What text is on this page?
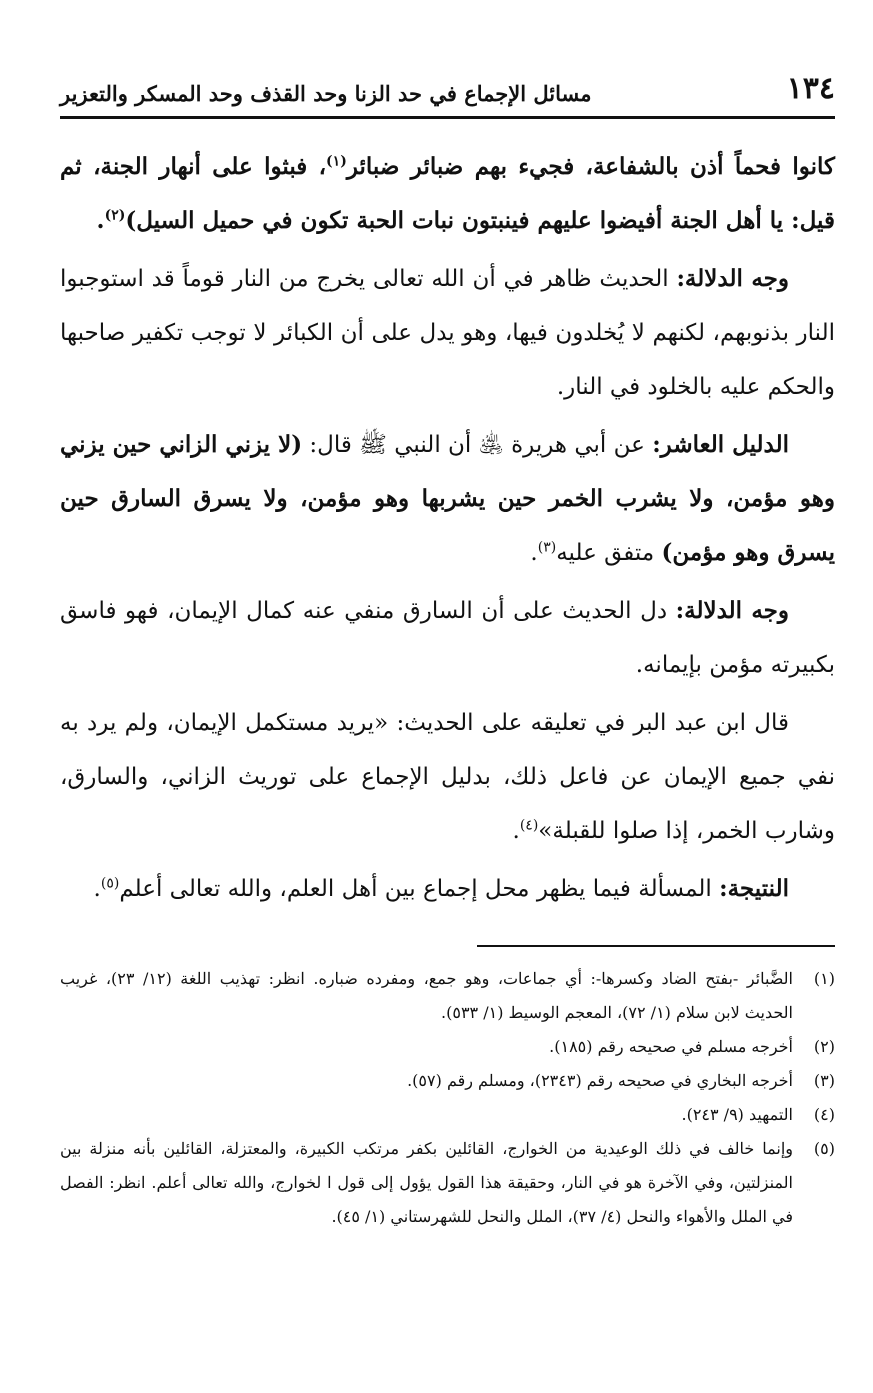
١٣٤
مسائل الإجماع في حد الزنا وحد القذف وحد المسكر والتعزير

كانوا فحماً أذن بالشفاعة، فجيء بهم ضبائر ضبائر$^{(١)}$، فبثوا على أنهار الجنة، ثم قيل: يا أهل الجنة أفيضوا عليهم فينبتون نبات الحبة تكون في حميل السيل)$^{(٢)}$.

وجه الدلالة: الحديث ظاهر في أن الله تعالى يخرج من النار قوماً قد استوجبوا النار بذنوبهم، لكنهم لا يُخلدون فيها، وهو يدل على أن الكبائر لا توجب تكفير صاحبها والحكم عليه بالخلود في النار.

الدليل العاشر: عن أبي هريرة ﵁ أن النبي ﷺ قال: (لا يزني الزاني حين يزني وهو مؤمن، ولا يشرب الخمر حين يشربها وهو مؤمن، ولا يسرق السارق حين يسرق وهو مؤمن) متفق عليه$^{(٣)}$.

وجه الدلالة: دل الحديث على أن السارق منفي عنه كمال الإيمان، فهو فاسق بكبيرته مؤمن بإيمانه.

قال ابن عبد البر في تعليقه على الحديث: «يريد مستكمل الإيمان، ولم يرد به نفي جميع الإيمان عن فاعل ذلك، بدليل الإجماع على توريث الزاني، والسارق، وشارب الخمر، إذا صلوا للقبلة»$^{(٤)}$.

النتيجة: المسألة فيما يظهر محل إجماع بين أهل العلم، والله تعالى أعلم$^{(٥)}$.

(١)
الضَّبائر -بفتح الضاد وكسرها-: أي جماعات، وهو جمع، ومفرده ضباره. انظر: تهذيب اللغة (١٢/ ٢٣)، غريب الحديث لابن سلام (١/ ٧٢)، المعجم الوسيط (١/ ٥٣٣).
(٢)
أخرجه مسلم في صحيحه رقم (١٨٥).
(٣)
أخرجه البخاري في صحيحه رقم (٢٣٤٣)، ومسلم رقم (٥٧).
(٤)
التمهيد (٩/ ٢٤٣).
(٥)
وإنما خالف في ذلك الوعيدية من الخوارج، القائلين بكفر مرتكب الكبيرة، والمعتزلة، القائلين بأنه منزلة بين المنزلتين، وفي الآخرة هو في النار، وحقيقة هذا القول يؤول إلى قول ا لخوارج، والله تعالى أعلم. انظر: الفصل في الملل والأهواء والنحل (٤/ ٣٧)، الملل والنحل للشهرستاني (١/ ٤٥).
